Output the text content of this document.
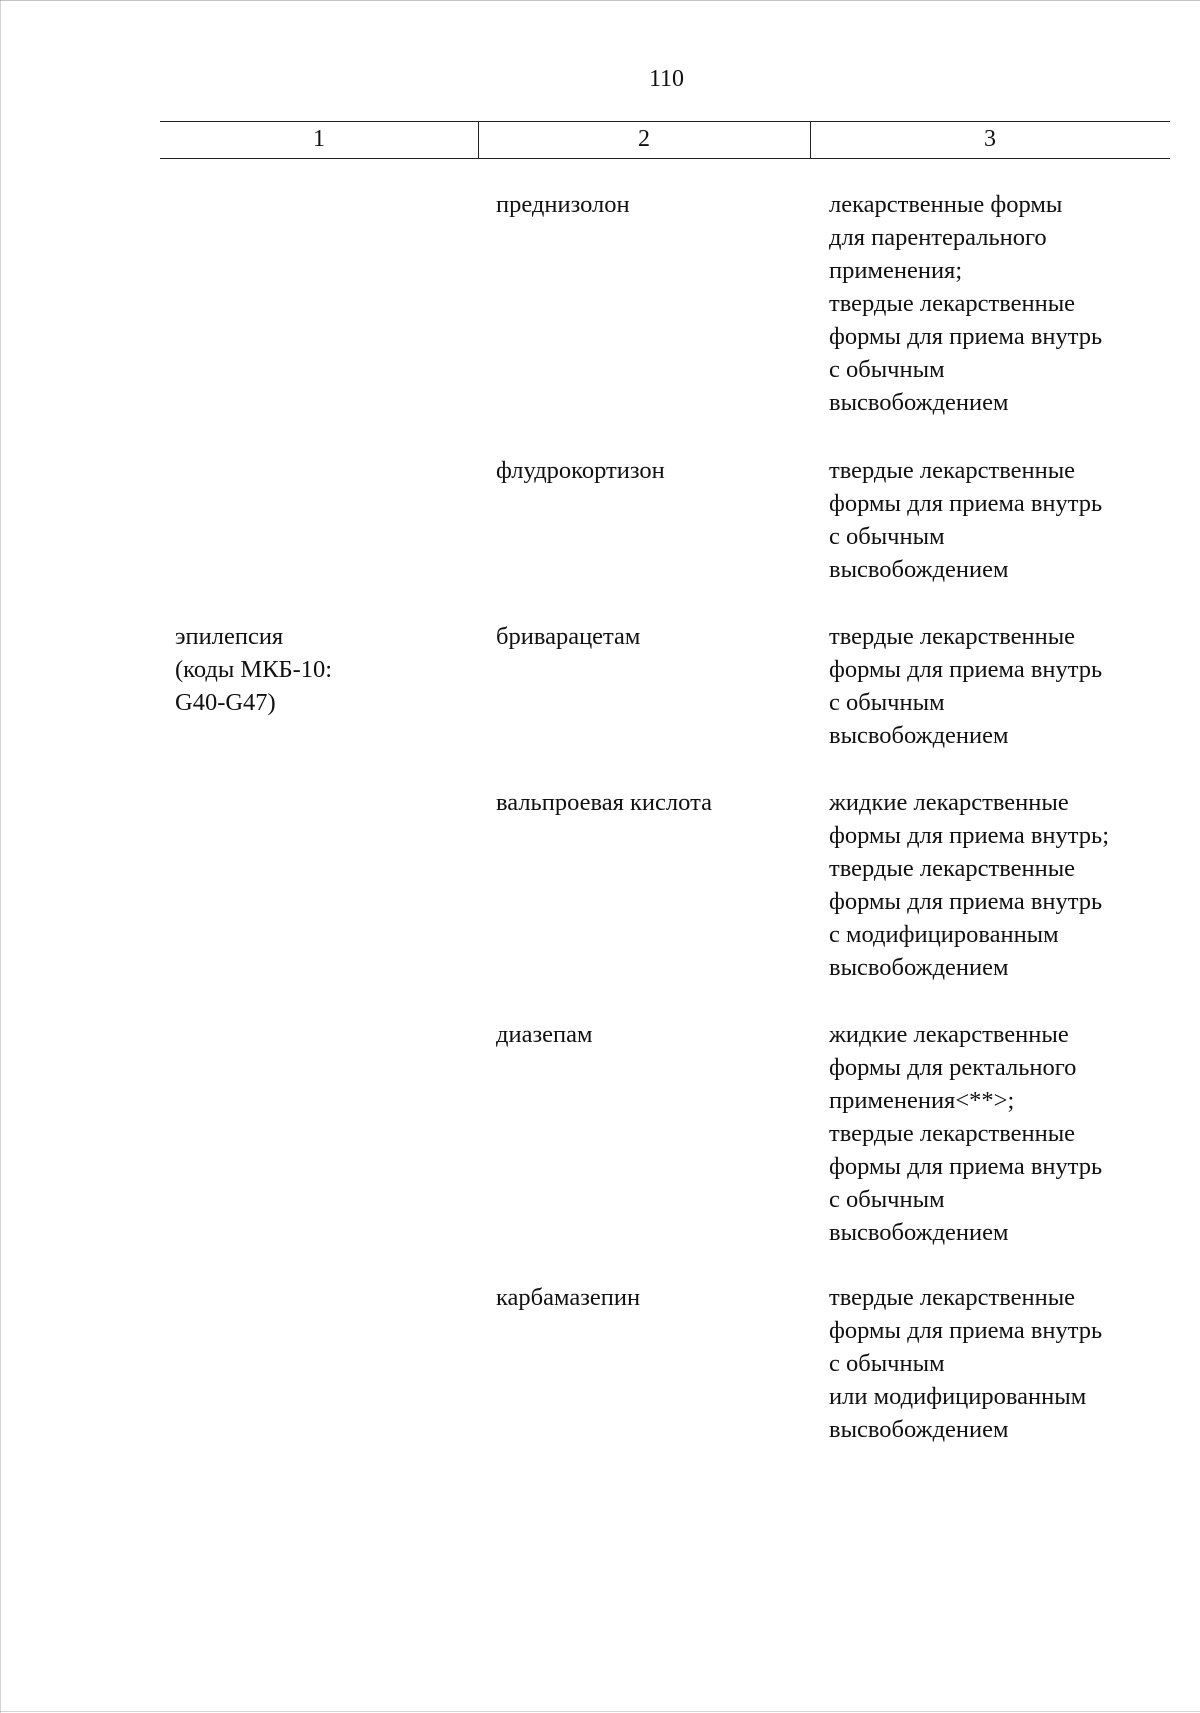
110
1	2	3
эпилепсия
(коды МКБ-10:
G40-G47)
преднизолон	лекарственные формы
для парентерального
применения;
твердые лекарственные
формы для приема внутрь
с обычным
высвобождением
флудрокортизон	твердые лекарственные
формы для приема внутрь
с обычным
высвобождением
бриварацетам	твердые лекарственные
формы для приема внутрь
с обычным
высвобождением
вальпроевая кислота	жидкие лекарственные
формы для приема внутрь;
твердые лекарственные
формы для приема внутрь
с модифицированным
высвобождением
диазепам	жидкие лекарственные
формы для ректального
применения<**>;
твердые лекарственные
формы для приема внутрь
с обычным
высвобождением
карбамазепин	твердые лекарственные
формы для приема внутрь
с обычным
или модифицированным
высвобождением
